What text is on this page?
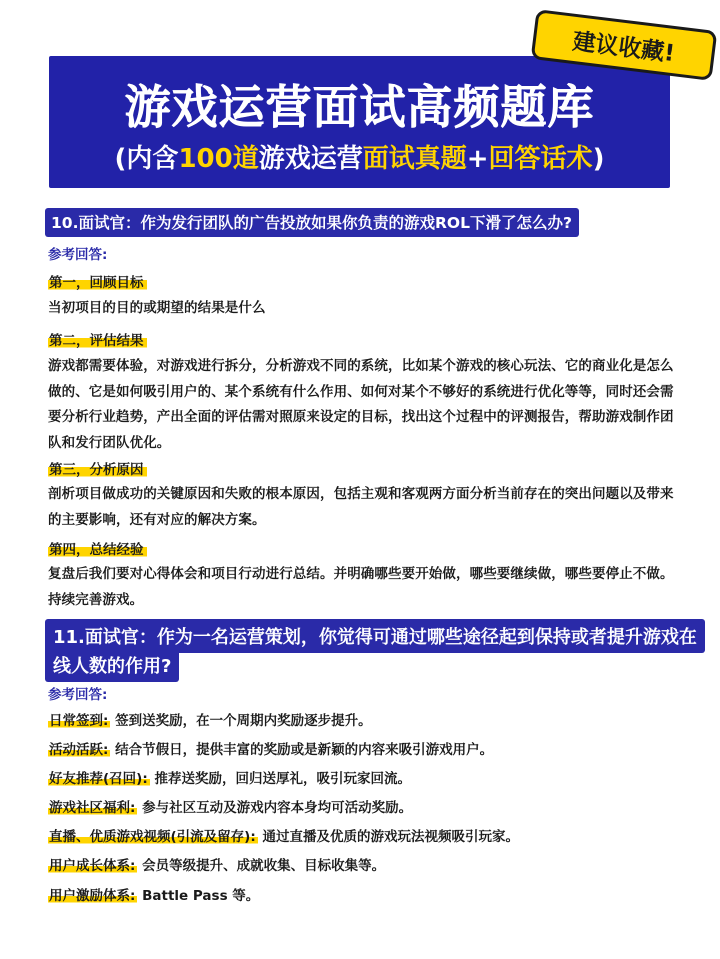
游戏运营面试高频题库
(内含100道游戏运营面试真题+回答话术)
建议收藏!
10.面试官：作为发行团队的广告投放如果你负责的游戏ROL下滑了怎么办?
参考回答:
第一，回顾目标
当初项目的目的或期望的结果是什么
第二，评估结果
游戏都需要体验，对游戏进行拆分，分析游戏不同的系统，比如某个游戏的核心玩法、它的商业化是怎么做的、它是如何吸引用户的、某个系统有什么作用、如何对某个不够好的系统进行优化等等，同时还会需要分析行业趋势，产出全面的评估需对照原来设定的目标，找出这个过程中的评测报告，帮助游戏制作团队和发行团队优化。
第三，分析原因
剖析项目做成功的关键原因和失败的根本原因，包括主观和客观两方面分析当前存在的突出问题以及带来的主要影响，还有对应的解决方案。
第四，总结经验
复盘后我们要对心得体会和项目行动进行总结。并明确哪些要开始做，哪些要继续做，哪些要停止不做。持续完善游戏。
11.面试官：作为一名运营策划，你觉得可通过哪些途径起到保持或者提升游戏在
线人数的作用?
参考回答:
日常签到: 签到送奖励，在一个周期内奖励逐步提升。
活动活跃: 结合节假日，提供丰富的奖励或是新颖的内容来吸引游戏用户。
好友推荐(召回): 推荐送奖励，回归送厚礼，吸引玩家回流。
游戏社区福利: 参与社区互动及游戏内容本身均可活动奖励。
直播、优质游戏视频(引流及留存): 通过直播及优质的游戏玩法视频吸引玩家。
用户成长体系: 会员等级提升、成就收集、目标收集等。
用户激励体系: Battle Pass 等。
